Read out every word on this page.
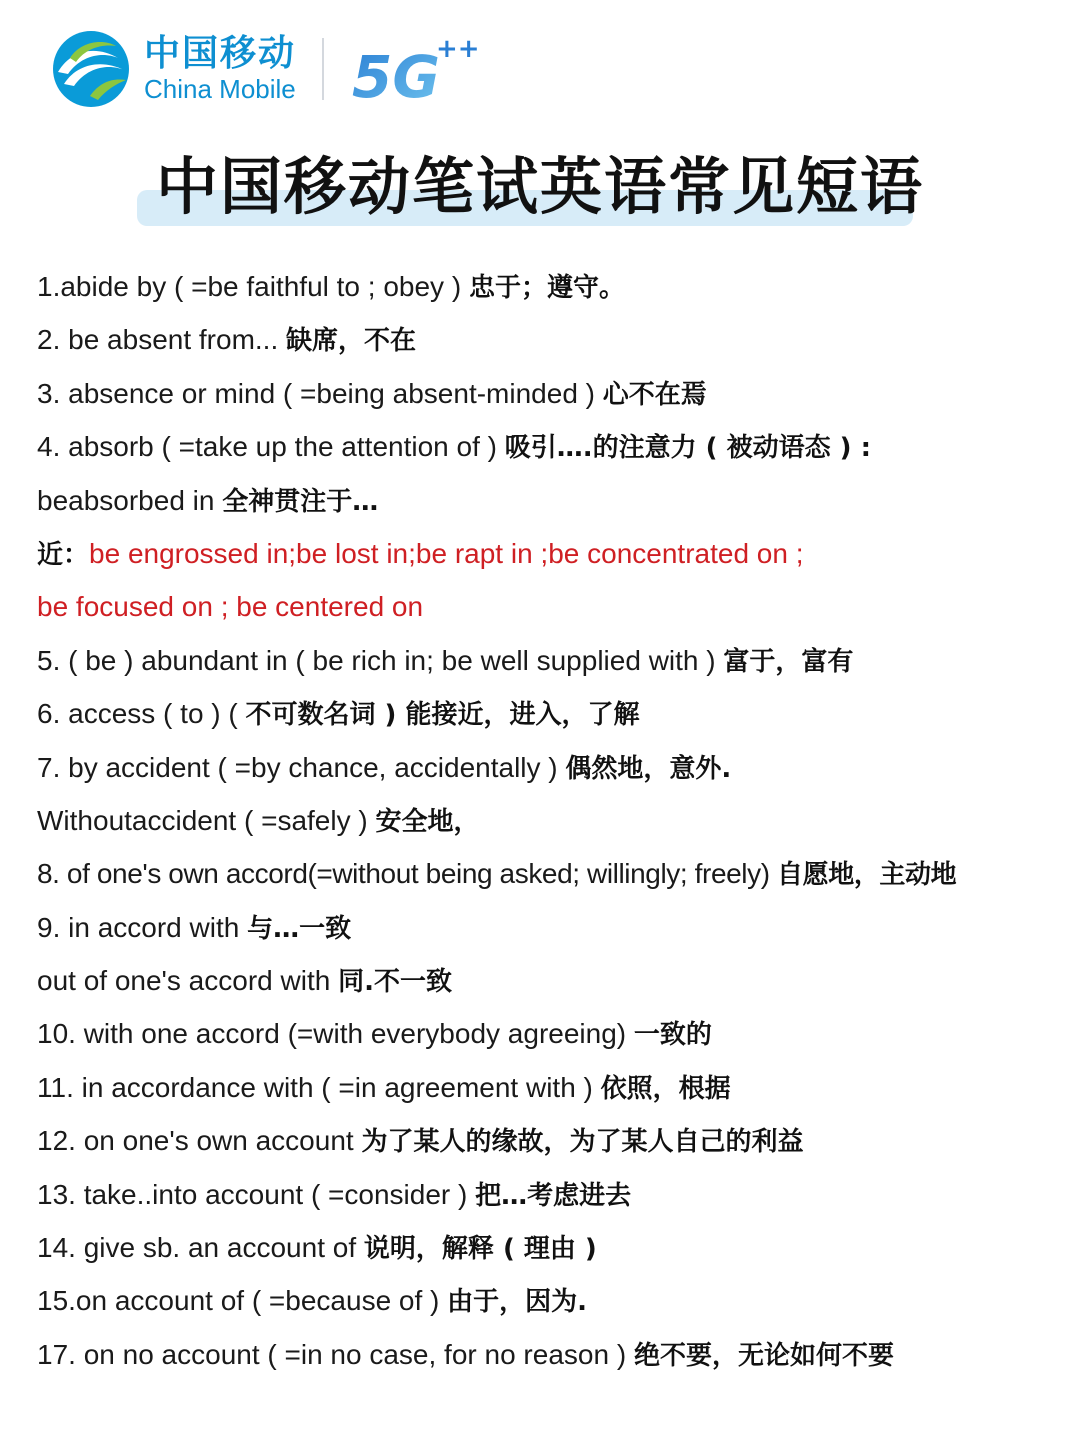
中国移动
China Mobile 5G
++
中国移动笔试英语常见短语
1.abide by ( =be faithful to ; obey ) 忠于；遵守。
2. be absent from... 缺席，不在
3. absence or mind ( =being absent-minded ) 心不在焉
4. absorb ( =take up the attention of ) 吸引….的注意力 ( 被动语态 ) :
beabsorbed in 全神贯注于…
近：be engrossed in;be lost in;be rapt in ;be concentrated on ;
be focused on ; be centered on
5. ( be ) abundant in ( be rich in; be well supplied with ) 富于，富有
6. access ( to ) ( 不可数名词 ) 能接近，进入，了解
7. by accident ( =by chance, accidentally ) 偶然地，意外.
Withoutaccident ( =safely ) 安全地，
8. of one's own accord(=without being asked; willingly; freely) 自愿地，主动地
9. in accord with 与…一致
out of one's accord with 同.不一致
10. with one accord (=with everybody agreeing) 一致的
11. in accordance with ( =in agreement with ) 依照，根据
12. on one's own account 为了某人的缘故，为了某人自己的利益
13. take..into account ( =consider ) 把…考虑进去
14. give sb. an account of 说明，解释 ( 理由 )
15.on account of ( =because of ) 由于，因为.
17. on no account ( =in no case, for no reason ) 绝不要，无论如何不要
